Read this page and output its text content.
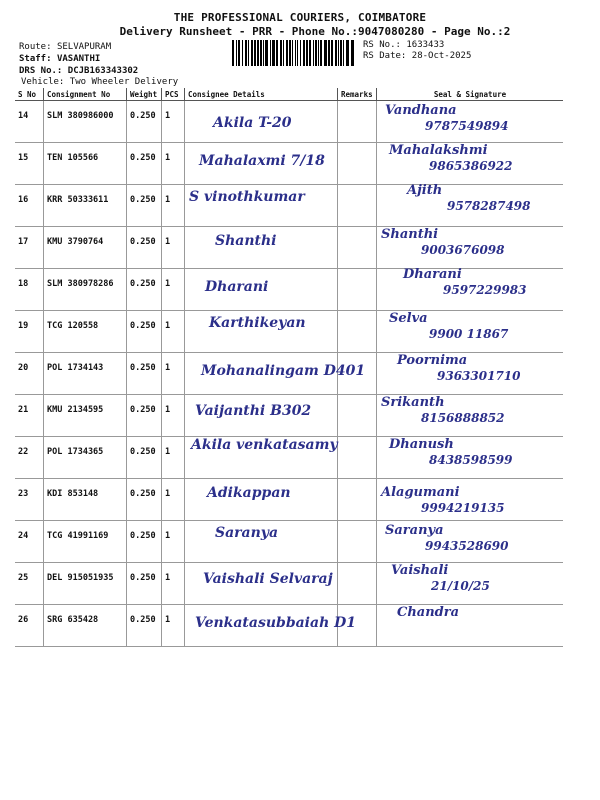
THE PROFESSIONAL COURIERS, COIMBATORE
Delivery Runsheet - PRR - Phone No.:9047080280 - Page No.:2
Route: SELVAPURAM
Staff: VASANTHI
DRS No.: DCJB163343302
Vehicle: Two Wheeler Delivery
RS No.: 1633433
RS Date: 28-Oct-2025
S No	Consignment No	Weight	PCS	Consignee Details	Remarks	Seal & Signature
14	SLM 380986000	0.250	1	Akila T-20		Vandhana
9787549894

15	TEN 105566	0.250	1	Mahalaxmi 7/18		Mahalakshmi
9865386922

16	KRR 50333611	0.250	1	S vinothkumar		Ajith
9578287498

17	KMU 3790764	0.250	1	Shanthi		Shanthi
9003676098

18	SLM 380978286	0.250	1	Dharani		Dharani
9597229983

19	TCG 120558	0.250	1	Karthikeyan		Selva
9900 11867

20	POL 1734143	0.250	1	Mohanalingam D401		Poornima
9363301710

21	KMU 2134595	0.250	1	Vaijanthi B302		Srikanth
8156888852

22	POL 1734365	0.250	1	Akila venkatasamy		Dhanush
8438598599

23	KDI 853148	0.250	1	Adikappan		Alagumani
9994219135

24	TCG 41991169	0.250	1	Saranya		Saranya
9943528690

25	DEL 915051935	0.250	1	Vaishali Selvaraj		Vaishali
21/10/25

26	SRG 635428	0.250	1	Venkatasubbaiah D1		Chandra
